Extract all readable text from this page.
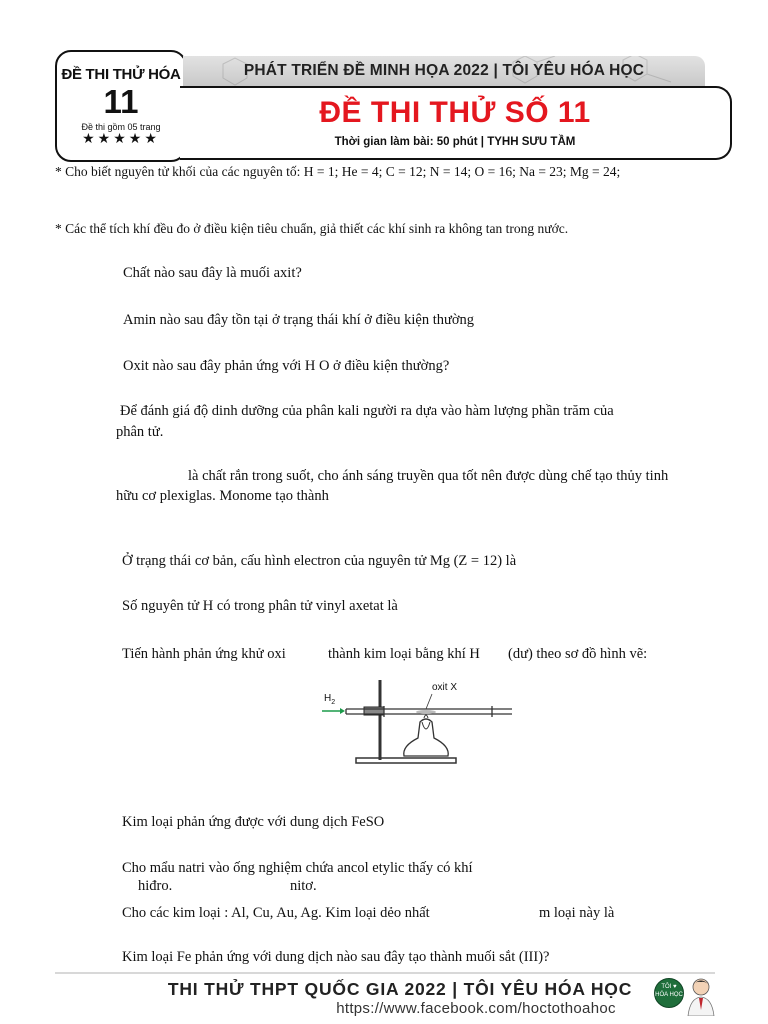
ĐỀ THI THỬ HÓA
11
Đề thi gồm 05 trang
★★★★★
PHÁT TRIỂN ĐỀ MINH HỌA 2022 | TÔI YÊU HÓA HỌC
ĐỀ THI THỬ SỐ 11
Thời gian làm bài: 50 phút | TYHH SƯU TẦM
* Cho biết nguyên tử khối của các nguyên tố: H = 1; He = 4; C = 12; N = 14; O = 16; Na = 23; Mg = 24;
* Các thể tích khí đều đo ở điều kiện tiêu chuẩn, giả thiết các khí sinh ra không tan trong nước.
Chất nào sau đây là muối axit?
Amin nào sau đây tồn tại ở trạng thái khí ở điều kiện thường
Oxit nào sau đây phản ứng với H O ở điều kiện thường?
Để đánh giá độ dinh dưỡng của phân kali người ra dựa vào hàm lượng phần trăm của
phân tử.
là chất rắn trong suốt, cho ánh sáng truyền qua tốt nên được dùng chế tạo thủy tinh
hữu cơ plexiglas. Monome tạo thành
Ở trạng thái cơ bản, cấu hình electron của nguyên tử Mg (Z = 12) là
Số nguyên tử H có trong phân tử vinyl axetat là
Tiến hành phản ứng khử oxi	thành kim loại bằng khí H (dư) theo sơ đồ hình vẽ:
$H_2$
oxit X
Kim loại phản ứng được với dung dịch FeSO
Cho mẩu natri vào ống nghiệm chứa ancol etylic thấy có khí
hiđro.	nitơ.
Cho các kim loại : Al, Cu, Au, Ag. Kim loại dẻo nhất	m loại này là
Kim loại Fe phản ứng với dung dịch nào sau đây tạo thành muối sắt (III)?
THI THỬ THPT QUỐC GIA 2022 | TÔI YÊU HÓA HỌC
https://www.facebook.com/hoctothoahoc
TÔI ♥ HÓA HỌC
